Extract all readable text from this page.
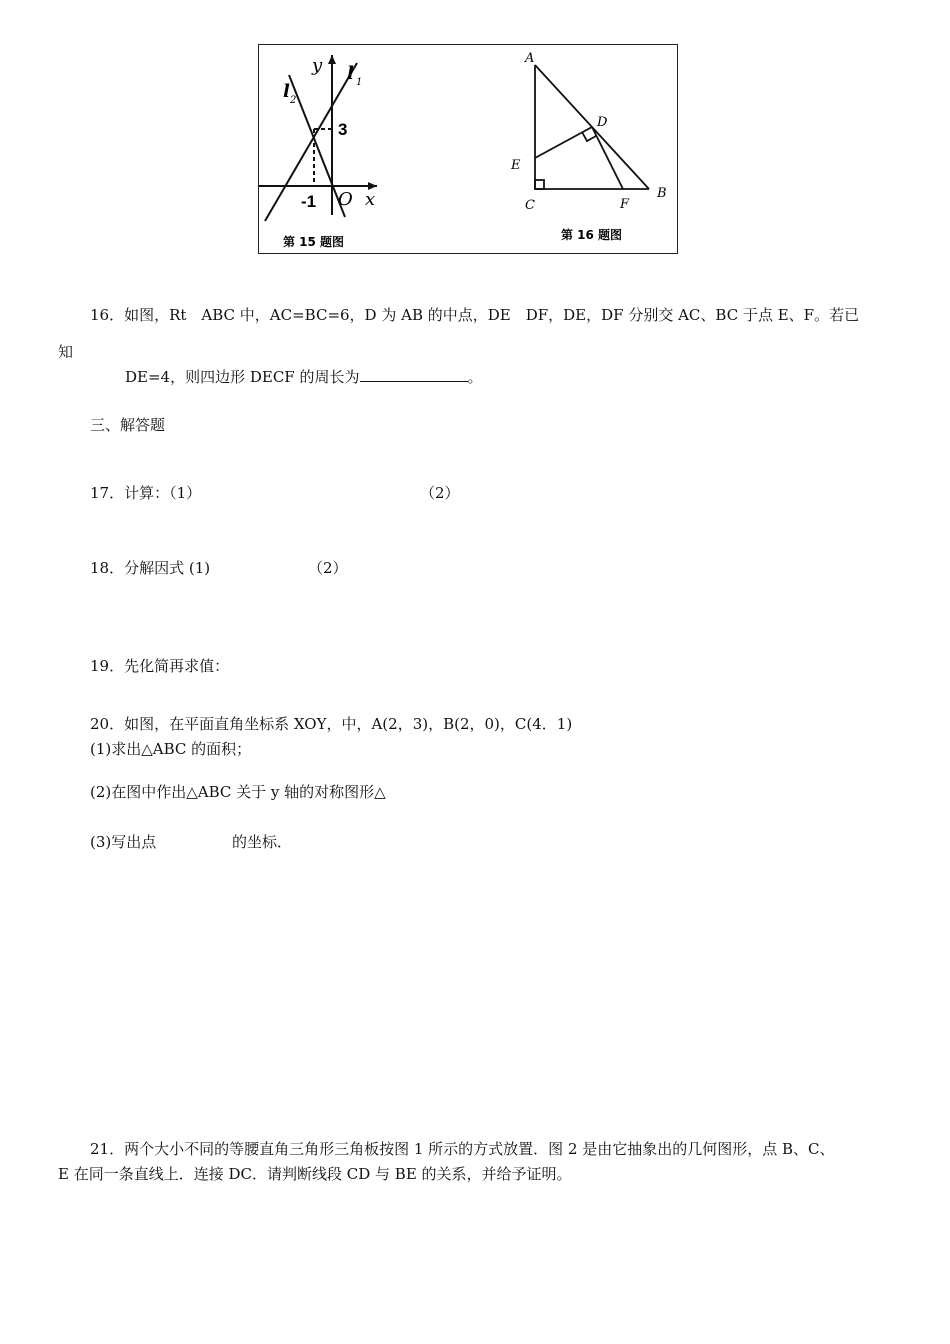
y
x
O
l 1
l 2
3
-1
第 15 题图
A
B
C
D
E
F
第 16 题图
16．如图，Rt　ABC 中，AC=BC=6，D 为 AB 的中点，DE　DF，DE，DF 分别交 AC、BC 于点 E、F。若已
知
DE=4，则四边形 DECF 的周长为	。
三、解答题
17．计算：（1）	（2）
18．分解因式 (1)	（2）
19．先化简再求值：
20．如图，在平面直角坐标系 XOY，中，A(2，3)，B(2，0)，C(4．1)
(1)求出△ABC 的面积；
(2)在图中作出△ABC 关于 y 轴的对称图形△
(3)写出点	的坐标．
21．两个大小不同的等腰直角三角形三角板按图 1 所示的方式放置．图 2 是由它抽象出的几何图形，点 B、C、
E 在同一条直线上．连接 DC．请判断线段 CD 与 BE 的关系，并给予证明。
